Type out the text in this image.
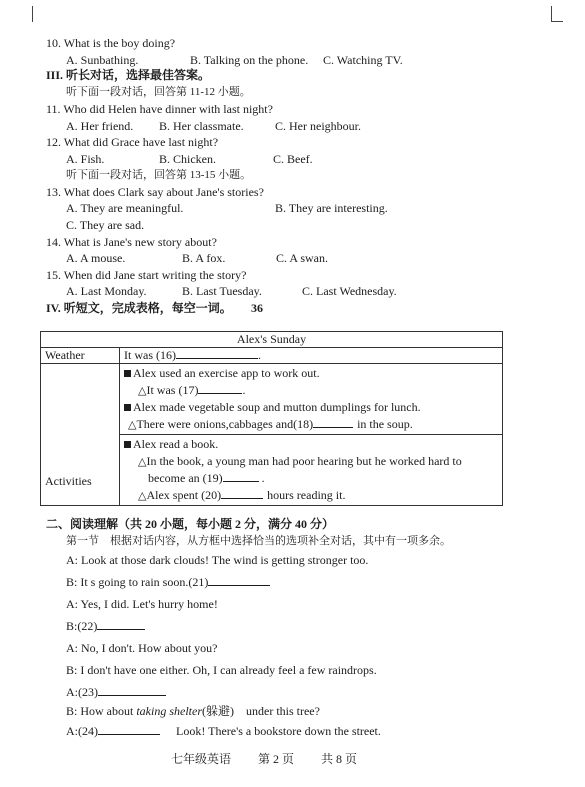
10. What is the boy doing?
A. Sunbathing.	B. Talking on the phone. C. Watching TV.
III. 听长对话，选择最佳答案。
听下面一段对话，回答第 11-12 小题。
11. Who did Helen have dinner with last night?
A. Her friend. B. Her classmate.	C. Her neighbour.
12. What did Grace have last night?
A. Fish.	B. Chicken.	C. Beef.
听下面一段对话，回答第 13-15 小题。
13. What does Clark say about Jane's stories?
A. They are meaningful.	B. They are interesting.
C. They are sad.
14. What is Jane's new story about?
A. A mouse.	B. A fox.	C. A swan.
15. When did Jane start writing the story?
A. Last Monday.	B. Last Tuesday.	C. Last Wednesday.
IV. 听短文，完成表格，每空一词。 36
Alex's Sunday	
Weather	It was (16) .
Activities	Alex used an exercise app to work out.
△It was (17) .
Alex made vegetable soup and mutton dumplings for lunch.
△There were onions,cabbages and(18) in the soup.

	Alex read a book.
△In the book, a young man had poor hearing but he worked hard to
become an (19) .
△Alex spent (20) hours reading it.
二、阅读理解（共 20 小题，每小题 2 分，满分 40 分）
第一节　根据对话内容，从方框中选择恰当的选项补全对话，其中有一项多余。
A: Look at those dark clouds! The wind is getting stronger too.
B: It s going to rain soon.(21)
A: Yes, I did. Let's hurry home!
B:(22)
A: No, I don't. How about you?
B: I don't have one either. Oh, I can already feel a few raindrops.
A:(23)
B: How about taking shelter(躲避)　under this tree?
A:(24)	Look! There's a bookstore down the street.
七年级英语 第 2 页 共 8 页
